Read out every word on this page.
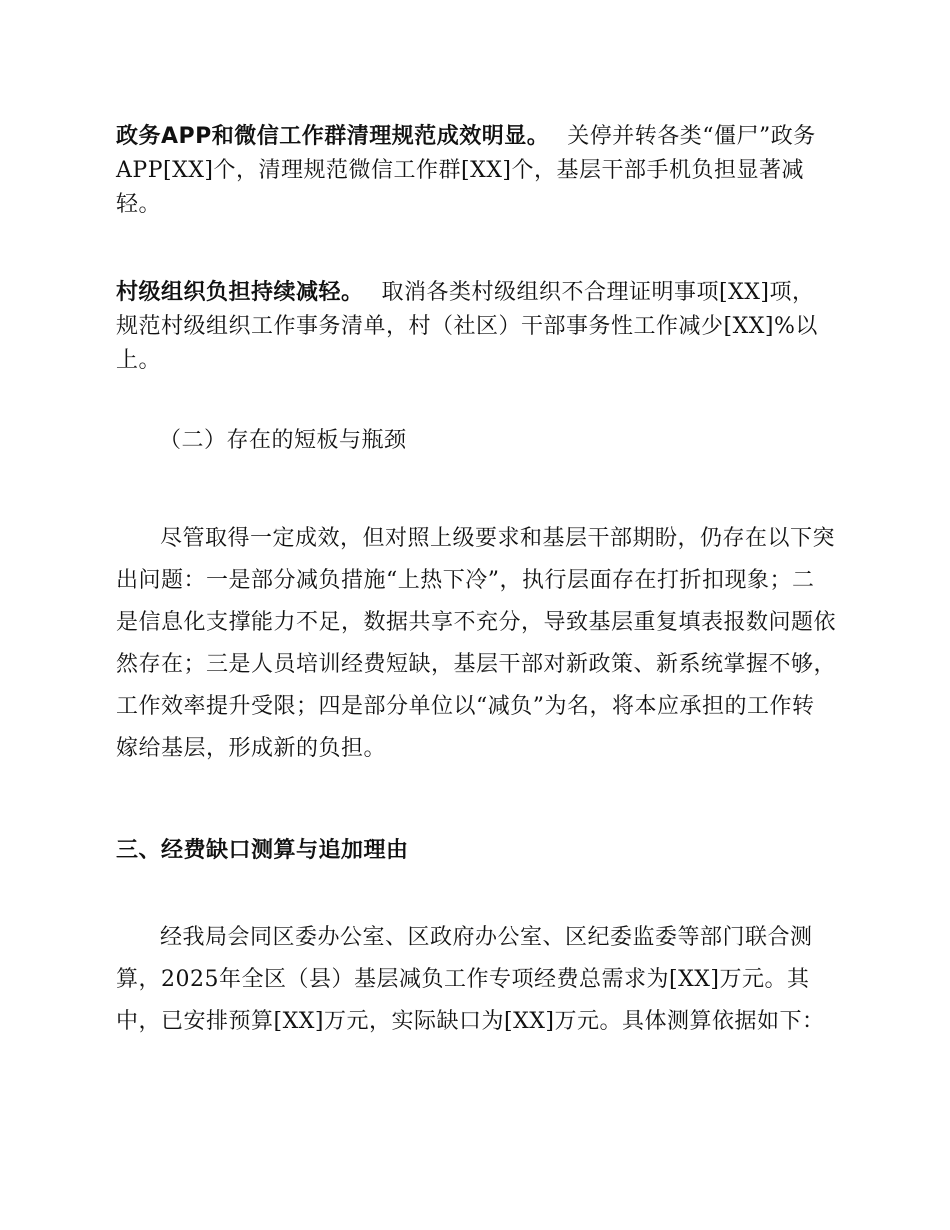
政务APP和微信工作群清理规范成效明显。 关停并转各类“僵尸”政务APP[XX]个，清理规范微信工作群[XX]个，基层干部手机负担显著减轻。

村级组织负担持续减轻。 取消各类村级组织不合理证明事项[XX]项，规范村级组织工作事务清单，村（社区）干部事务性工作减少[XX]%以上。

（二）存在的短板与瓶颈

尽管取得一定成效，但对照上级要求和基层干部期盼，仍存在以下突出问题：一是部分减负措施“上热下冷”，执行层面存在打折扣现象；二是信息化支撑能力不足，数据共享不充分，导致基层重复填表报数问题依然存在；三是人员培训经费短缺，基层干部对新政策、新系统掌握不够，工作效率提升受限；四是部分单位以“减负”为名，将本应承担的工作转嫁给基层，形成新的负担。

三、经费缺口测算与追加理由

经我局会同区委办公室、区政府办公室、区纪委监委等部门联合测算，2025年全区（县）基层减负工作专项经费总需求为[XX]万元。其中，已安排预算[XX]万元，实际缺口为[XX]万元。具体测算依据如下：
